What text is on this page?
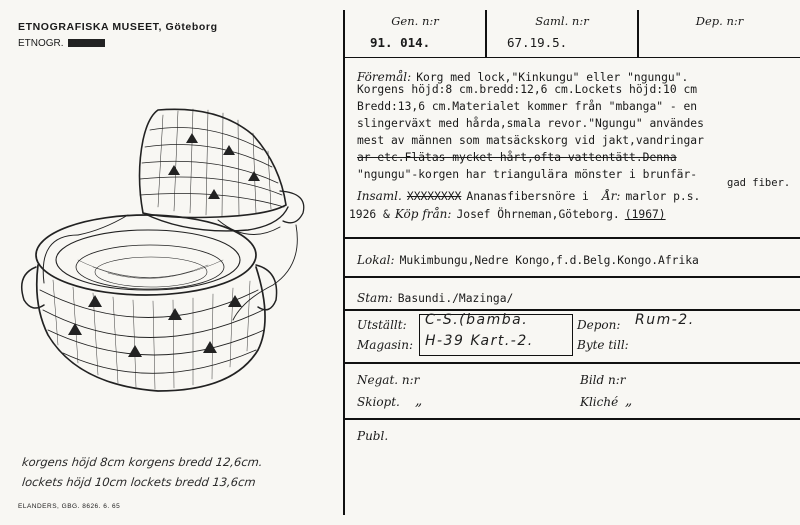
ETNOGRAFISKA MUSEET, Göteborg
ETNOGR. AVDELN.
korgens höjd 8cm korgens bredd 12,6cm.
lockets höjd 10cm lockets bredd 13,6cm
ELANDERS, GBG. 8626. 6. 65
Gen. n:r
91. 014.
Saml. n:r
67.19.5.
Dep. n:r
Föremål: Korg med lock,"Kinkungu" eller "ngungu".
Korgens höjd:8 cm.bredd:12,6 cm.Lockets höjd:10 cm
Bredd:13,6 cm.Materialet kommer från "mbanga" - en
slingerväxt med hårda,smala revor."Ngungu" användes
mest av männen som matsäckskorg vid jakt,vandringar
ar etc.Flätas mycket hårt,ofta vattentätt.Denna
"ngungu"-korgen har triangulära mönster i brunfär-
Insaml. XXXXXXXX Ananasfibersnöre i År: marlor p.s.
gad fiber.
1926 & Köp från: Josef Öhrneman,Göteborg. (1967)
Lokal: Mukimbungu,Nedre Kongo,f.d.Belg.Kongo.Afrika
Stam: Basundi./Mazinga/
Utställt:
Magasin:
C-S.(bamba.
H-39 Kart.-2.
Depon: Rum-2.
Byte till:
Negat. n:r	Bild n:r
Skiopt. „	Kliché „
Publ.
